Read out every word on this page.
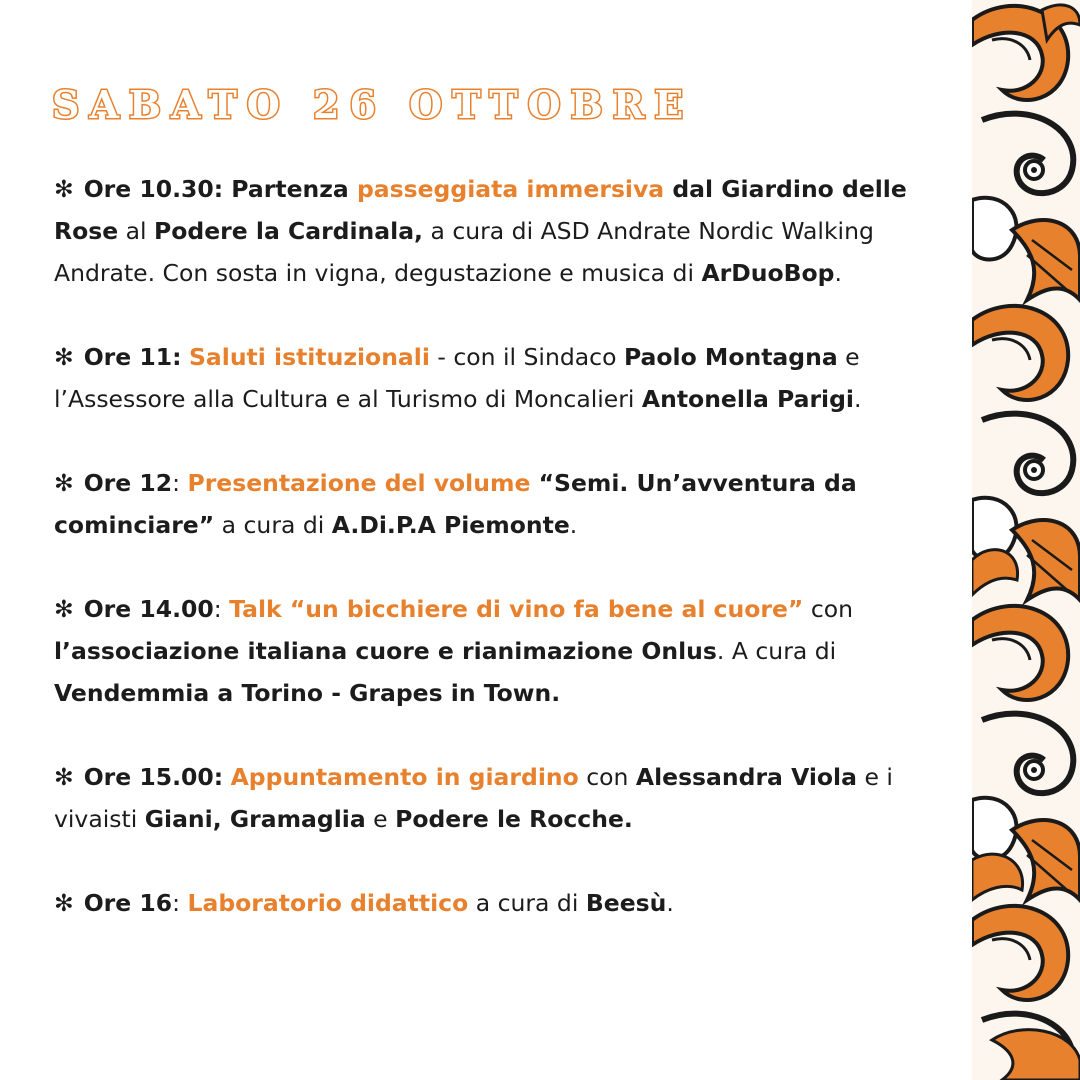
SABATO 26 OTTOBRE

✻ Ore 10.30: Partenza passeggiata immersiva dal Giardino delle Rose al Podere la Cardinala, a cura di ASD Andrate Nordic Walking Andrate. Con sosta in vigna, degustazione e musica di ArDuoBop.

✻ Ore 11: Saluti istituzionali - con il Sindaco Paolo Montagna e l’Assessore alla Cultura e al Turismo di Moncalieri Antonella Parigi.

✻ Ore 12: Presentazione del volume “Semi. Un’avventura da cominciare” a cura di A.Di.P.A Piemonte.

✻ Ore 14.00: Talk “un bicchiere di vino fa bene al cuore” con l’associazione italiana cuore e rianimazione Onlus. A cura di Vendemmia a Torino - Grapes in Town.

✻ Ore 15.00: Appuntamento in giardino con Alessandra Viola e i vivaisti Giani, Gramaglia e Podere le Rocche.

✻ Ore 16: Laboratorio didattico a cura di Beesù.
